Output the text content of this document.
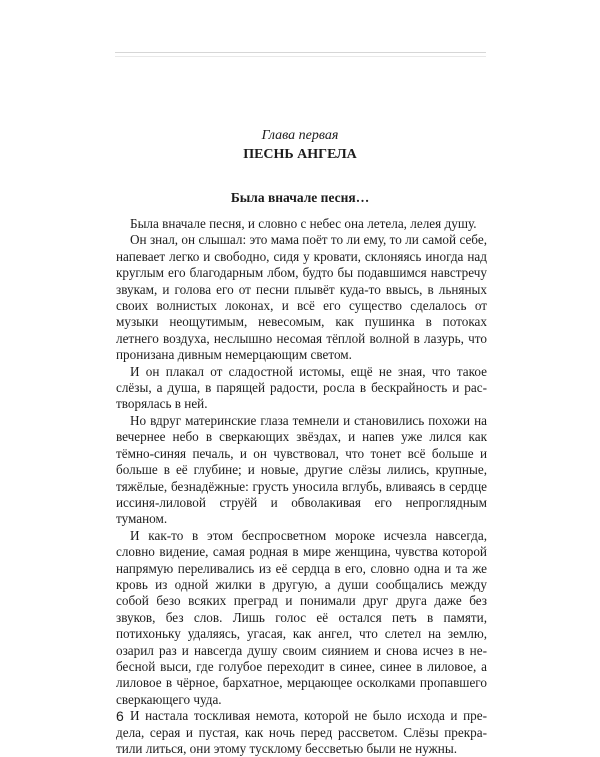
Глава первая
ПЕСНЬ АНГЕЛА
Была вначале песня…

Была вначале песня, и словно с небес она летела, лелея душу.

Он знал, он слышал: это мама поёт то ли ему, то ли самой себе, напевает легко и свободно, сидя у кровати, склоняясь иногда над круглым его благодарным лбом, будто бы подавшимся навстречу звукам, и голова его от песни плывёт куда-то ввысь, в льняных своих волнистых локонах, и всё его существо сделалось от музыки неощутимым, невесомым, как пушинка в потоках летнего воздуха, неслышно несомая тёплой волной в лазурь, что пронизана дивным немерцающим светом.

И он плакал от сладостной истомы, ещё не зная, что такое слёзы, а душа, в парящей радости, росла в бескрайность и растворялась в ней.

Но вдруг материнские глаза темнели и становились похожи на вечернее небо в сверкающих звёздах, и напев уже лился как тёмно-синяя печаль, и он чувствовал, что тонет всё больше и больше в её глубине; и новые, другие слёзы лились, крупные, тяжёлые, безнадёжные: грусть уносила вглубь, вливаясь в сердце иссиня-лиловой струёй и обволакивая его непроглядным туманом.

И как-то в этом беспросветном мороке исчезла навсегда, словно видение, самая родная в мире женщина, чувства которой напрямую переливались из её сердца в его, словно одна и та же кровь из одной жилки в другую, а души сообщались между собой безо всяких преград и понимали друг друга даже без звуков, без слов. Лишь голос её остался петь в памяти, потихоньку удаляясь, угасая, как ангел, что слетел на землю, озарил раз и навсегда душу своим сиянием и снова исчез в небесной выси, где голубое переходит в синее, синее в лиловое, а лиловое в чёрное, бархатное, мерцающее осколками пропавшего сверкающего чуда.

И настала тоскливая немота, которой не было исхода и предела, серая и пустая, как ночь перед рассветом. Слёзы прекратили литься, они этому тусклому бессветью были не нужны.

6
